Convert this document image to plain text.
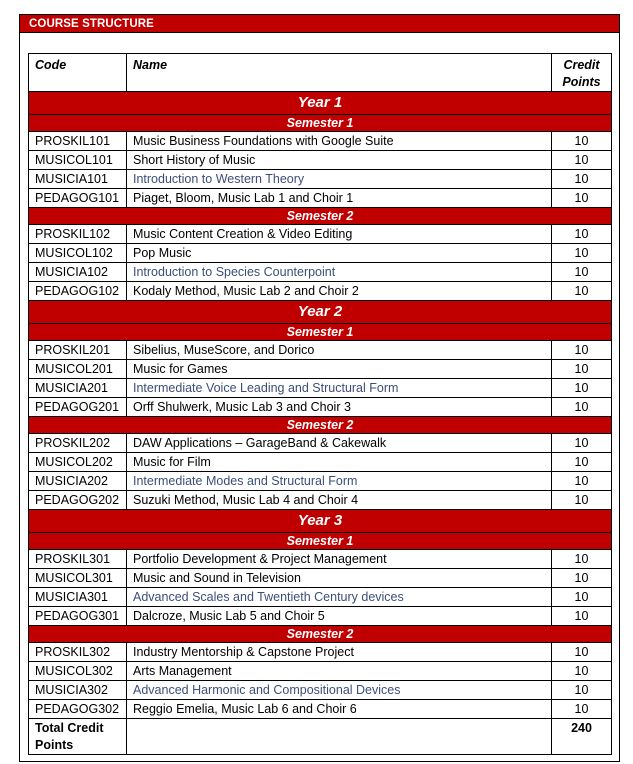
COURSE STRUCTURE
Code	Name	Credit
Points
Year 1		
Semester 1		
PROSKIL101	Music Business Foundations with Google Suite	10
MUSICOL101	Short History of Music	10
MUSICIA101	Introduction to Western Theory	10
PEDAGOG101	Piaget, Bloom, Music Lab 1 and Choir 1	10
Semester 2		
PROSKIL102	Music Content Creation & Video Editing	10
MUSICOL102	Pop Music	10
MUSICIA102	Introduction to Species Counterpoint	10
PEDAGOG102	Kodaly Method, Music Lab 2 and Choir 2	10
Year 2		
Semester 1		
PROSKIL201	Sibelius, MuseScore, and Dorico	10
MUSICOL201	Music for Games	10
MUSICIA201	Intermediate Voice Leading and Structural Form	10
PEDAGOG201	Orff Shulwerk, Music Lab 3 and Choir 3	10
Semester 2		
PROSKIL202	DAW Applications – GarageBand & Cakewalk	10
MUSICOL202	Music for Film	10
MUSICIA202	Intermediate Modes and Structural Form	10
PEDAGOG202	Suzuki Method, Music Lab 4 and Choir 4	10
Year 3		
Semester 1		
PROSKIL301	Portfolio Development & Project Management	10
MUSICOL301	Music and Sound in Television	10
MUSICIA301	Advanced Scales and Twentieth Century devices	10
PEDAGOG301	Dalcroze, Music Lab 5 and Choir 5	10
Semester 2		
PROSKIL302	Industry Mentorship & Capstone Project	10
MUSICOL302	Arts Management	10
MUSICIA302	Advanced Harmonic and Compositional Devices	10
PEDAGOG302	Reggio Emelia, Music Lab 6 and Choir 6	10
Total Credit
Points		240
